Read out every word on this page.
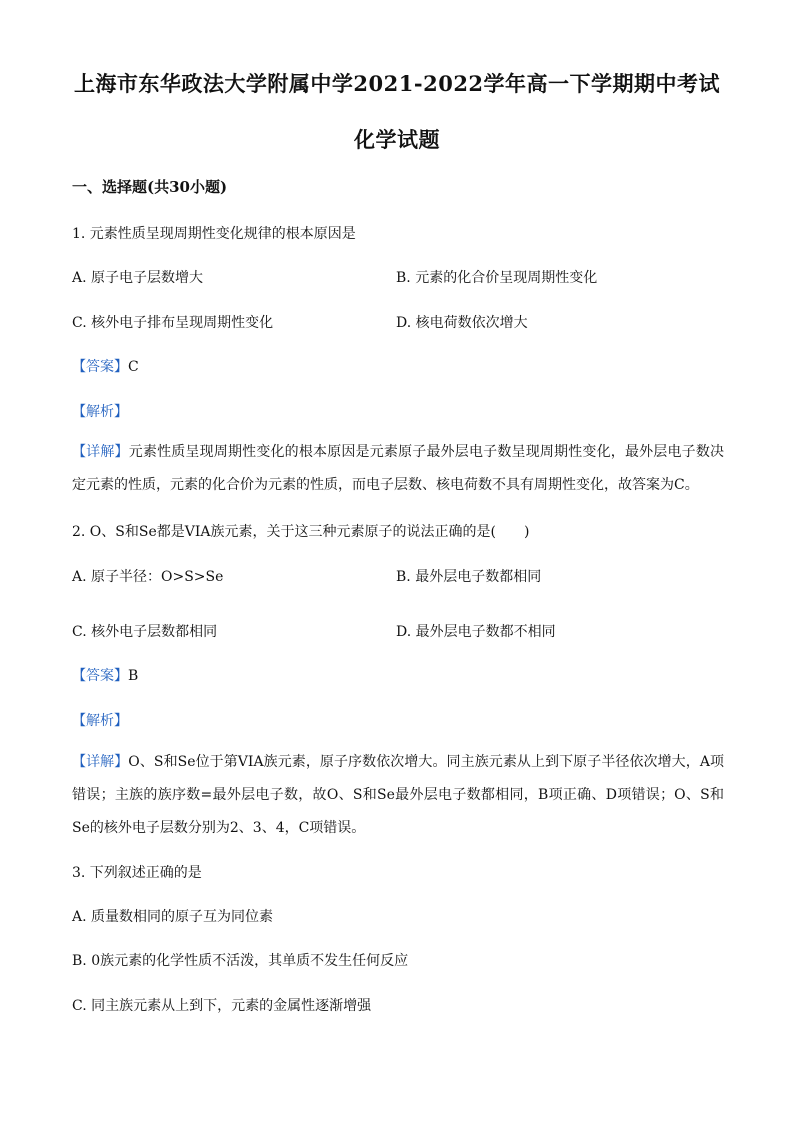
上海市东华政法大学附属中学2021-2022学年高一下学期期中考试
化学试题
一、选择题(共30小题)
1. 元素性质呈现周期性变化规律的根本原因是
A. 原子电子层数增大	B. 元素的化合价呈现周期性变化
C. 核外电子排布呈现周期性变化	D. 核电荷数依次增大
【答案】C
【解析】
【详解】元素性质呈现周期性变化的根本原因是元素原子最外层电子数呈现周期性变化，最外层电子数决定元素的性质，元素的化合价为元素的性质，而电子层数、核电荷数不具有周期性变化，故答案为C。
2. O、S和Se都是VIA族元素，关于这三种元素原子的说法正确的是(　　)
A. 原子半径：O>S>Se	B. 最外层电子数都相同
C. 核外电子层数都相同	D. 最外层电子数都不相同
【答案】B
【解析】
【详解】O、S和Se位于第VIA族元素，原子序数依次增大。同主族元素从上到下原子半径依次增大，A项错误；主族的族序数=最外层电子数，故O、S和Se最外层电子数都相同，B项正确、D项错误；O、S和Se的核外电子层数分别为2、3、4，C项错误。
3. 下列叙述正确的是
A. 质量数相同的原子互为同位素
B. 0族元素的化学性质不活泼，其单质不发生任何反应
C. 同主族元素从上到下，元素的金属性逐渐增强
